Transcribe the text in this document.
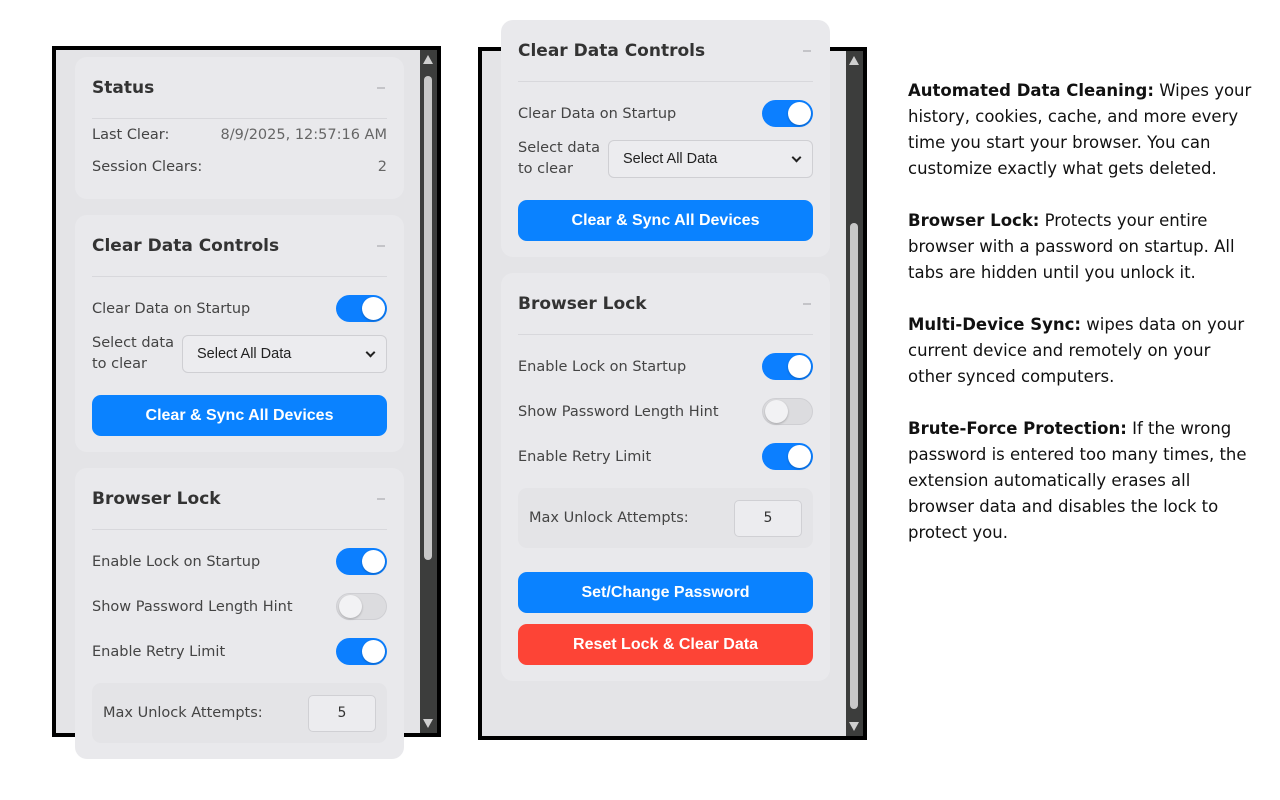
Status
Last Clear:	8/9/2025, 12:57:16 AM
Session Clears:	2
Clear Data Controls
Clear Data on Startup
Select data to clear
Select All Data
Clear & Sync All Devices
Browser Lock
Enable Lock on Startup
Show Password Length Hint
Enable Retry Limit
Max Unlock Attempts:	5
Clear Data Controls
Clear Data on Startup
Select data to clear
Select All Data
Clear & Sync All Devices
Browser Lock
Enable Lock on Startup
Show Password Length Hint
Enable Retry Limit
Max Unlock Attempts:	5
Set/Change Password
Reset Lock & Clear Data

Automated Data Cleaning: Wipes your history, cookies, cache, and more every time you start your browser. You can customize exactly what gets deleted.

Browser Lock: Protects your entire browser with a password on startup. All tabs are hidden until you unlock it.

Multi-Device Sync: wipes data on your current device and remotely on your other synced computers.

Brute-Force Protection: If the wrong password is entered too many times, the extension automatically erases all browser data and disables the lock to protect you.
